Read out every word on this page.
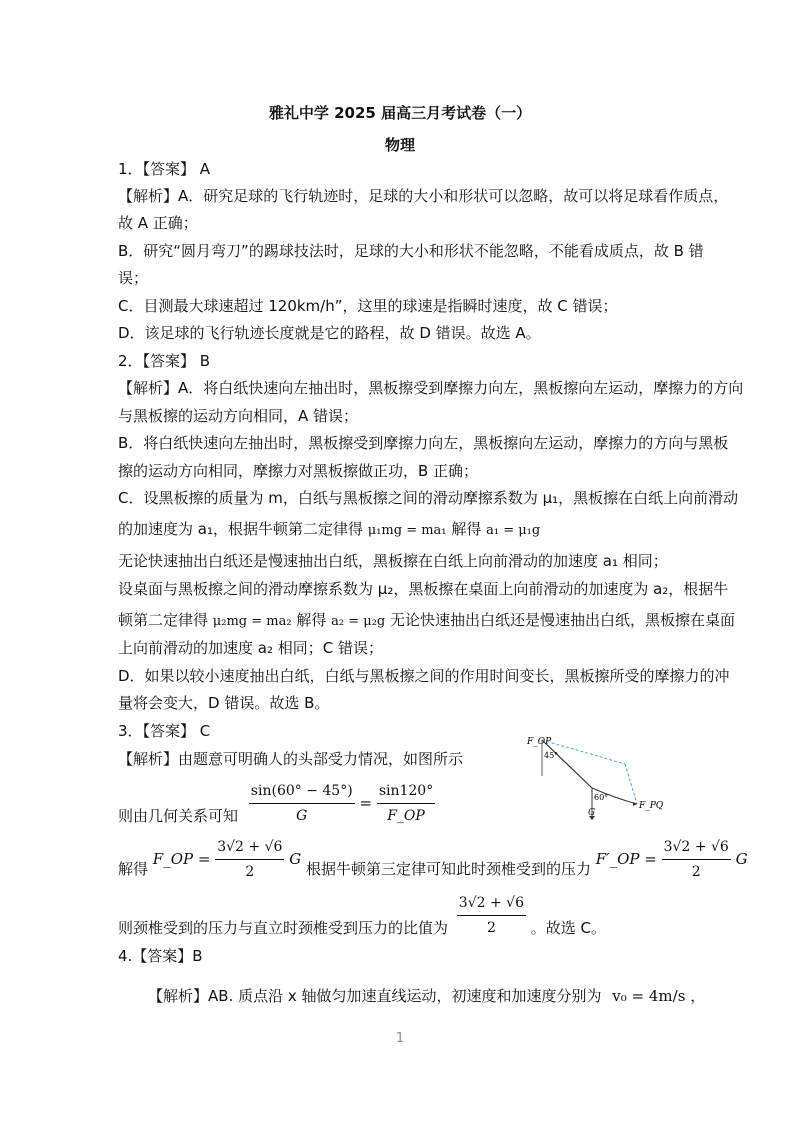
雅礼中学 2025 届高三月考试卷（一）
物理
1．【答案】 A
【解析】A．研究足球的飞行轨迹时，足球的大小和形状可以忽略，故可以将足球看作质点，
故 A 正确；
B．研究“圆月弯刀”的踢球技法时，足球的大小和形状不能忽略，不能看成质点，故 B 错
误；
C．目测最大球速超过 120km/h”，这里的球速是指瞬时速度，故 C 错误；
D．该足球的飞行轨迹长度就是它的路程，故 D 错误。故选 A。
2．【答案】 B
【解析】A．将白纸快速向左抽出时，黑板擦受到摩擦力向左，黑板擦向左运动，摩擦力的方向
与黑板擦的运动方向相同，A 错误；
B．将白纸快速向左抽出时，黑板擦受到摩擦力向左，黑板擦向左运动，摩擦力的方向与黑板
擦的运动方向相同，摩擦力对黑板擦做正功，B 正确；
C．设黑板擦的质量为 m，白纸与黑板擦之间的滑动摩擦系数为 μ₁，黑板擦在白纸上向前滑动
的加速度为 a₁，根据牛顿第二定律得 μ₁mg = ma₁ 解得 a₁ = μ₁g
无论快速抽出白纸还是慢速抽出白纸，黑板擦在白纸上向前滑动的加速度 a₁ 相同；
设桌面与黑板擦之间的滑动摩擦系数为 μ₂，黑板擦在桌面上向前滑动的加速度为 a₂，根据牛
顿第二定律得 μ₂mg = ma₂ 解得 a₂ = μ₂g 无论快速抽出白纸还是慢速抽出白纸，黑板擦在桌面
上向前滑动的加速度 a₂ 相同；C 错误；
D．如果以较小速度抽出白纸，白纸与黑板擦之间的作用时间变长，黑板擦所受的摩擦力的冲
量将会变大，D 错误。故选 B。
3．【答案】 C
【解析】由题意可明确人的头部受力情况，如图所示
则由几何关系可知 $\frac{\sin(60^\circ - 45^\circ)}{G} = \frac{\sin 120^\circ}{F\_OP}$
解得 F_OP = $\frac{3√2 + √6}{2}$ G 根据牛顿第三定律可知此时颈椎受到的压力 F′_OP = $\frac{3√2 + √6}{2}$ G
则颈椎受到的压力与直立时颈椎受到压力的比值为 $\frac{3√2 + √6}{2}$ 。故选 C。
F_OP
45°
60°
F_PQ
G
4.【答案】B
【解析】AB. 质点沿 x 轴做匀加速直线运动，初速度和加速度分别为 v₀ = 4m/s ，
1
